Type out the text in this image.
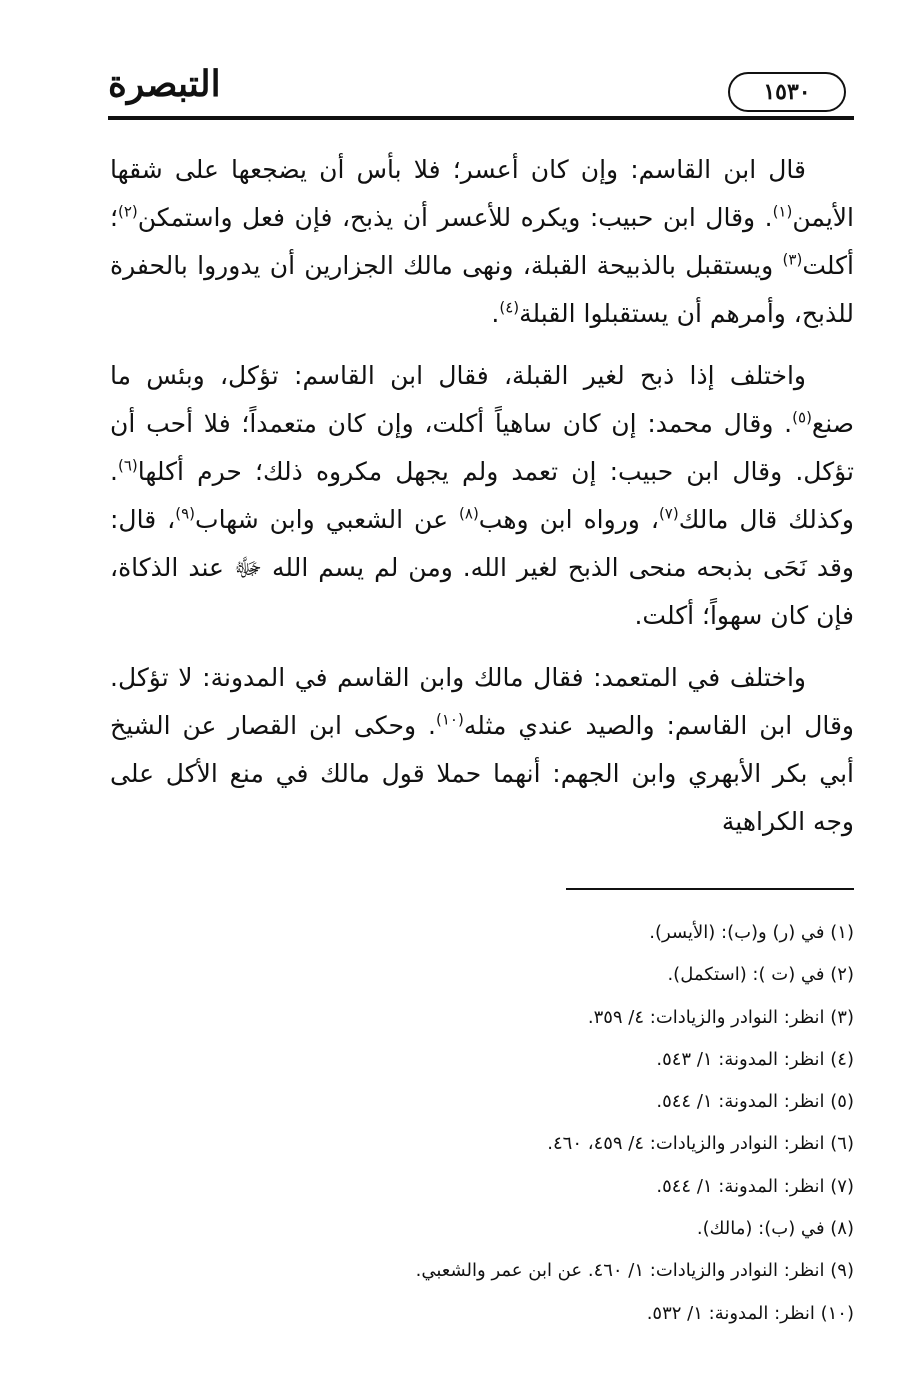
التبصرة	١٥٣٠

قال ابن القاسم: وإن كان أعسر؛ فلا بأس أن يضجعها على شقها الأيمن$^{(١)}$. وقال ابن حبيب: ويكره للأعسر أن يذبح، فإن فعل واستمكن$^{(٢)}$؛ أكلت$^{(٣)}$ ويستقبل بالذبيحة القبلة، ونهى مالك الجزارين أن يدوروا بالحفرة للذبح، وأمرهم أن يستقبلوا القبلة$^{(٤)}$.

واختلف إذا ذبح لغير القبلة، فقال ابن القاسم: تؤكل، وبئس ما صنع$^{(٥)}$. وقال محمد: إن كان ساهياً أكلت، وإن كان متعمداً؛ فلا أحب أن تؤكل. وقال ابن حبيب: إن تعمد ولم يجهل مكروه ذلك؛ حرم أكلها$^{(٦)}$. وكذلك قال مالك$^{(٧)}$، ورواه ابن وهب$^{(٨)}$ عن الشعبي وابن شهاب$^{(٩)}$، قال: وقد نَحَى بذبحه منحى الذبح لغير الله. ومن لم يسم الله ﷻ عند الذكاة، فإن كان سهواً؛ أكلت.

واختلف في المتعمد: فقال مالك وابن القاسم في المدونة: لا تؤكل. وقال ابن القاسم: والصيد عندي مثله$^{(١٠)}$. وحكى ابن القصار عن الشيخ أبي بكر الأبهري وابن الجهم: أنهما حملا قول مالك في منع الأكل على وجه الكراهية

(١) في (ر) و(ب): (الأيسر).
(٢) في (ت ): (استكمل).
(٣) انظر: النوادر والزيادات: ٤/ ٣٥٩.
(٤) انظر: المدونة: ١/ ٥٤٣.
(٥) انظر: المدونة: ١/ ٥٤٤.
(٦) انظر: النوادر والزيادات: ٤/ ٤٥٩، ٤٦٠.
(٧) انظر: المدونة: ١/ ٥٤٤.
(٨) في (ب): (مالك).
(٩) انظر: النوادر والزيادات: ١/ ٤٦٠. عن ابن عمر والشعبي.
(١٠) انظر: المدونة: ١/ ٥٣٢.
